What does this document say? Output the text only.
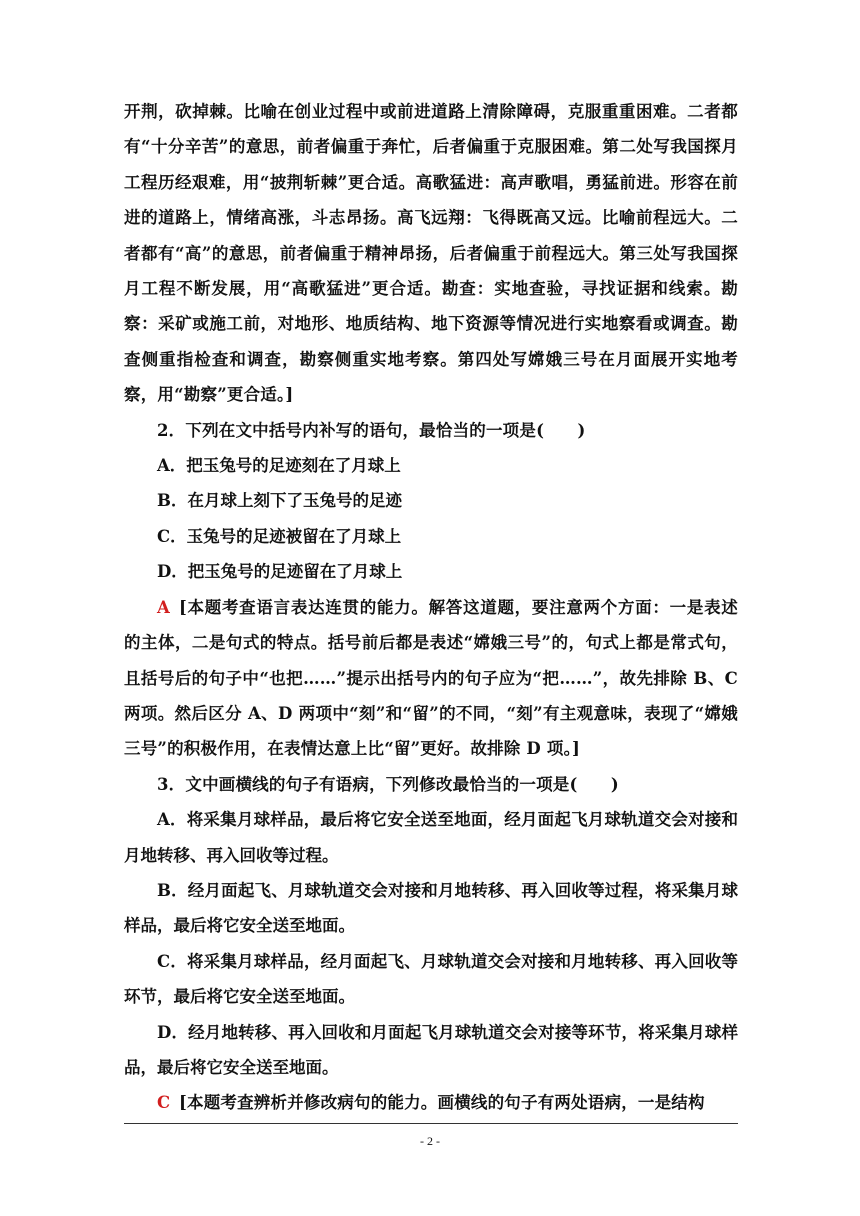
开荆，砍掉棘。比喻在创业过程中或前进道路上清除障碍，克服重重困难。二者都有“十分辛苦”的意思，前者偏重于奔忙，后者偏重于克服困难。第二处写我国探月工程历经艰难，用“披荆斩棘”更合适。高歌猛进：高声歌唱，勇猛前进。形容在前进的道路上，情绪高涨，斗志昂扬。高飞远翔：飞得既高又远。比喻前程远大。二者都有“高”的意思，前者偏重于精神昂扬，后者偏重于前程远大。第三处写我国探月工程不断发展，用“高歌猛进”更合适。勘查：实地查验，寻找证据和线索。勘察：采矿或施工前，对地形、地质结构、地下资源等情况进行实地察看或调查。勘查侧重指检查和调查，勘察侧重实地考察。第四处写嫦娥三号在月面展开实地考察，用“勘察”更合适。]

2．下列在文中括号内补写的语句，最恰当的一项是(　　)

A．把玉兔号的足迹刻在了月球上

B．在月球上刻下了玉兔号的足迹

C．玉兔号的足迹被留在了月球上

D．把玉兔号的足迹留在了月球上

A [本题考查语言表达连贯的能力。解答这道题，要注意两个方面：一是表述的主体，二是句式的特点。括号前后都是表述“嫦娥三号”的，句式上都是常式句，且括号后的句子中“也把……”提示出括号内的句子应为“把……”，故先排除 B、C 两项。然后区分 A、D 两项中“刻”和“留”的不同，“刻”有主观意味，表现了“嫦娥三号”的积极作用，在表情达意上比“留”更好。故排除 D 项。]

3．文中画横线的句子有语病，下列修改最恰当的一项是(　　)

A．将采集月球样品，最后将它安全送至地面，经月面起飞月球轨道交会对接和月地转移、再入回收等过程。

B．经月面起飞、月球轨道交会对接和月地转移、再入回收等过程，将采集月球样品，最后将它安全送至地面。

C．将采集月球样品，经月面起飞、月球轨道交会对接和月地转移、再入回收等环节，最后将它安全送至地面。

D．经月地转移、再入回收和月面起飞月球轨道交会对接等环节，将采集月球样品，最后将它安全送至地面。

C [本题考查辨析并修改病句的能力。画横线的句子有两处语病，一是结构

- 2 -
